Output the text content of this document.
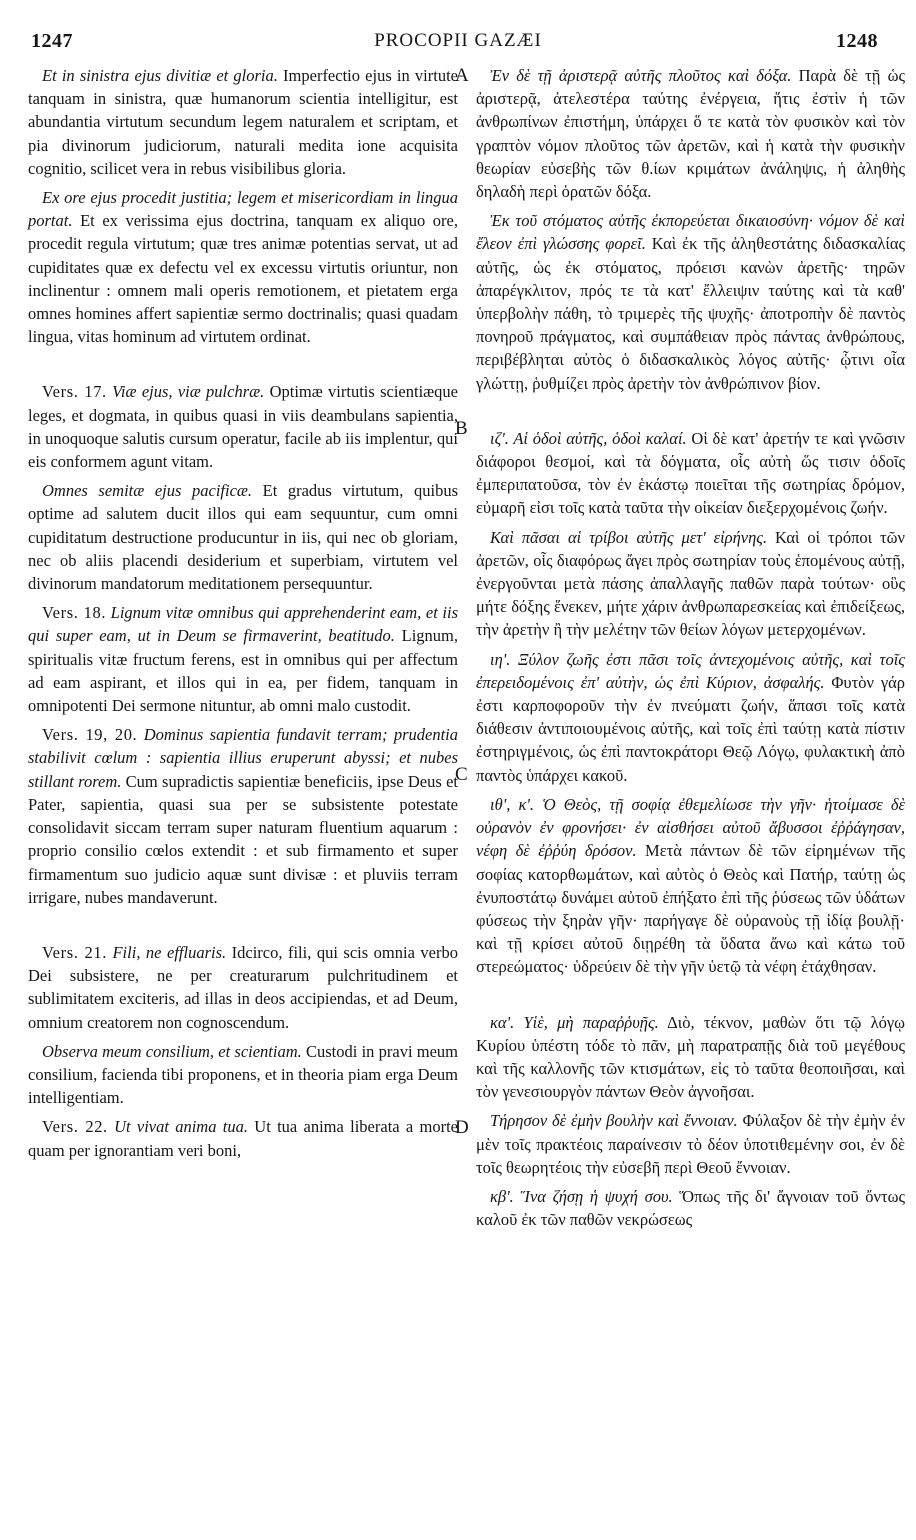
1247	PROCOPII GAZÆI	1248
A
B
C
D

Et in sinistra ejus divitiæ et gloria. Imperfectio ejus in virtute tanquam in sinistra, quæ humanorum scientia intelligitur, est abundantia virtutum secundum legem naturalem et scriptam, et pia divinorum judiciorum, naturali medita ione acquisita cognitio, scilicet vera in rebus visibilibus gloria.

Ex ore ejus procedit justitia; legem et misericordiam in lingua portat. Et ex verissima ejus doctrina, tanquam ex aliquo ore, procedit regula virtutum; quæ tres animæ potentias servat, ut ad cupiditates quæ ex defectu vel ex excessu virtutis oriuntur, non inclinentur : omnem mali operis remotionem, et pietatem erga omnes homines affert sapientiæ sermo doctrinalis; quasi quadam lingua, vitas hominum ad virtutem ordinat.

Vers. 17. Viæ ejus, viæ pulchræ. Optimæ virtutis scientiæque leges, et dogmata, in quibus quasi in viis deambulans sapientia, in unoquoque salutis cursum operatur, facile ab iis implentur, qui eis conformem agunt vitam.

Omnes semitæ ejus pacificæ. Et gradus virtutum, quibus optime ad salutem ducit illos qui eam sequuntur, cum omni cupiditatum destructione producuntur in iis, qui nec ob gloriam, nec ob aliis placendi desiderium et superbiam, virtutem vel divinorum mandatorum meditationem persequuntur.

Vers. 18. Lignum vitæ omnibus qui apprehenderint eam, et iis qui super eam, ut in Deum se firmaverint, beatitudo. Lignum, spiritualis vitæ fructum ferens, est in omnibus qui per affectum ad eam aspirant, et illos qui in ea, per fidem, tanquam in omnipotenti Dei sermone nituntur, ab omni malo custodit.

Vers. 19, 20. Dominus sapientia fundavit terram; prudentia stabilivit cœlum : sapientia illius eruperunt abyssi; et nubes stillant rorem. Cum supradictis sapientiæ beneficiis, ipse Deus et Pater, sapientia, quasi sua per se subsistente potestate consolidavit siccam terram super naturam fluentium aquarum : proprio consilio cœlos extendit : et sub firmamento et super firmamentum suo judicio aquæ sunt divisæ : et pluviis terram irrigare, nubes mandaverunt.

Vers. 21. Fili, ne effluaris. Idcirco, fili, qui scis omnia verbo Dei subsistere, ne per creaturarum pulchritudinem et sublimitatem exciteris, ad illas in deos accipiendas, et ad Deum, omnium creatorem non cognoscendum.

Observa meum consilium, et scientiam. Custodi in pravi meum consilium, facienda tibi proponens, et in theoria piam erga Deum intelligentiam.

Vers. 22. Ut vivat anima tua. Ut tua anima liberata a morte quam per ignorantiam veri boni,

Ἐν δὲ τῇ ἀριστερᾷ αὐτῆς πλοῦτος καὶ δόξα. Παρὰ δὲ τῇ ὡς ἀριστερᾷ, ἀτελεστέρα ταύτης ἐνέργεια, ἥτις ἐστὶν ἡ τῶν ἀνθρωπίνων ἐπιστήμη, ὑπάρχει ὅ τε κατὰ τὸν φυσικὸν καὶ τὸν γραπτὸν νόμον πλοῦτος τῶν ἀρετῶν, καὶ ἡ κατὰ τὴν φυσικὴν θεωρίαν εὐσεβὴς τῶν θ.ίων κριμάτων ἀνάληψις, ἡ ἀληθὴς δηλαδὴ περὶ ὁρατῶν δόξα.

Ἐκ τοῦ στόματος αὐτῆς ἐκπορεύεται δικαιοσύνη· νόμον δὲ καὶ ἔλεον ἐπὶ γλώσσης φορεῖ. Καὶ ἐκ τῆς ἀληθεστάτης διδασκαλίας αὐτῆς, ὡς ἐκ στόματος, πρόεισι κανὼν ἀρετῆς· τηρῶν ἀπαρέγκλιτον, πρός τε τὰ κατ' ἔλλειψιν ταύτης καὶ τὰ καθ' ὑπερβολὴν πάθη, τὸ τριμερὲς τῆς ψυχῆς· ἀποτροπὴν δὲ παντὸς πονηροῦ πράγματος, καὶ συμπάθειαν πρὸς πάντας ἀνθρώπους, περιβέβληται αὐτὸς ὁ διδασκαλικὸς λόγος αὐτῆς· ᾧτινι οἷα γλώττῃ, ῥυθμίζει πρὸς ἀρετὴν τὸν ἀνθρώπινον βίον.

ιζ'. Αἱ ὁδοὶ αὐτῆς, ὁδοὶ καλαί. Οἱ δὲ κατ' ἀρετήν τε καὶ γνῶσιν διάφοροι θεσμοί, καὶ τὰ δόγματα, οἷς αὐτὴ ὥς τισιν ὁδοῖς ἐμπεριπατοῦσα, τὸν ἐν ἑκάστῳ ποιεῖται τῆς σωτηρίας δρόμον, εὐμαρῆ εἰσι τοῖς κατὰ ταῦτα τὴν οἰκείαν διεξερχομένοις ζωήν.

Καὶ πᾶσαι αἱ τρίβοι αὐτῆς μετ' εἰρήνης. Καὶ οἱ τρόποι τῶν ἀρετῶν, οἷς διαφόρως ἄγει πρὸς σωτηρίαν τοὺς ἑπομένους αὐτῇ, ἐνεργοῦνται μετὰ πάσης ἀπαλλαγῆς παθῶν παρὰ τούτων· οὓς μήτε δόξης ἕνεκεν, μήτε χάριν ἀνθρωπαρεσκείας καὶ ἐπιδείξεως, τὴν ἀρετὴν ἢ τὴν μελέτην τῶν θείων λόγων μετερχομένων.

ιη'. Ξύλον ζωῆς ἐστι πᾶσι τοῖς ἀντεχομένοις αὐτῆς, καὶ τοῖς ἐπερειδομένοις ἐπ' αὐτὴν, ὡς ἐπὶ Κύριον, ἀσφαλής. Φυτὸν γάρ ἐστι καρποφοροῦν τὴν ἐν πνεύματι ζωήν, ἅπασι τοῖς κατὰ διάθεσιν ἀντιποιουμένοις αὐτῆς, καὶ τοῖς ἐπὶ ταύτῃ κατὰ πίστιν ἐστηριγμένοις, ὡς ἐπὶ παντοκράτορι Θεῷ Λόγῳ, φυλακτικὴ ἀπὸ παντὸς ὑπάρχει κακοῦ.

ιθ', κ'. Ὁ Θεὸς, τῇ σοφίᾳ ἐθεμελίωσε τὴν γῆν· ἡτοίμασε δὲ οὐρανὸν ἐν φρονήσει· ἐν αἰσθήσει αὐτοῦ ἄβυσσοι ἐῤῥάγησαν, νέφη δὲ ἐῤῥύη δρόσον. Μετὰ πάντων δὲ τῶν εἰρημένων τῆς σοφίας κατορθωμάτων, καὶ αὐτὸς ὁ Θεὸς καὶ Πατήρ, ταύτῃ ὡς ἐνυποστάτῳ δυνάμει αὐτοῦ ἐπήξατο ἐπὶ τῆς ῥύσεως τῶν ὑδάτων φύσεως τὴν ξηρὰν γῆν· παρήγαγε δὲ οὐρανοὺς τῇ ἰδίᾳ βουλῇ· καὶ τῇ κρίσει αὐτοῦ διῃρέθη τὰ ὕδατα ἄνω καὶ κάτω τοῦ στερεώματος· ὑδρεύειν δὲ τὴν γῆν ὑετῷ τὰ νέφη ἐτάχθησαν.

κα'. Υἱὲ, μὴ παραῤῥυῇς. Διὸ, τέκνον, μαθὼν ὅτι τῷ λόγῳ Κυρίου ὑπέστη τόδε τὸ πᾶν, μὴ παρατραπῇς διὰ τοῦ μεγέθους καὶ τῆς καλλονῆς τῶν κτισμάτων, εἰς τὸ ταῦτα θεοποιῆσαι, καὶ τὸν γενεσιουργὸν πάντων Θεὸν ἀγνοῆσαι.

Τήρησον δὲ ἐμὴν βουλὴν καὶ ἔννοιαν. Φύλαξον δὲ τὴν ἐμὴν ἐν μὲν τοῖς πρακτέοις παραίνεσιν τὸ δέον ὑποτιθεμένην σοι, ἐν δὲ τοῖς θεωρητέοις τὴν εὐσεβῆ περὶ Θεοῦ ἔννοιαν.

κβ'. Ἵνα ζήσῃ ἡ ψυχή σου. Ὅπως τῆς δι' ἄγνοιαν τοῦ ὄντως καλοῦ ἐκ τῶν παθῶν νεκρώσεως
